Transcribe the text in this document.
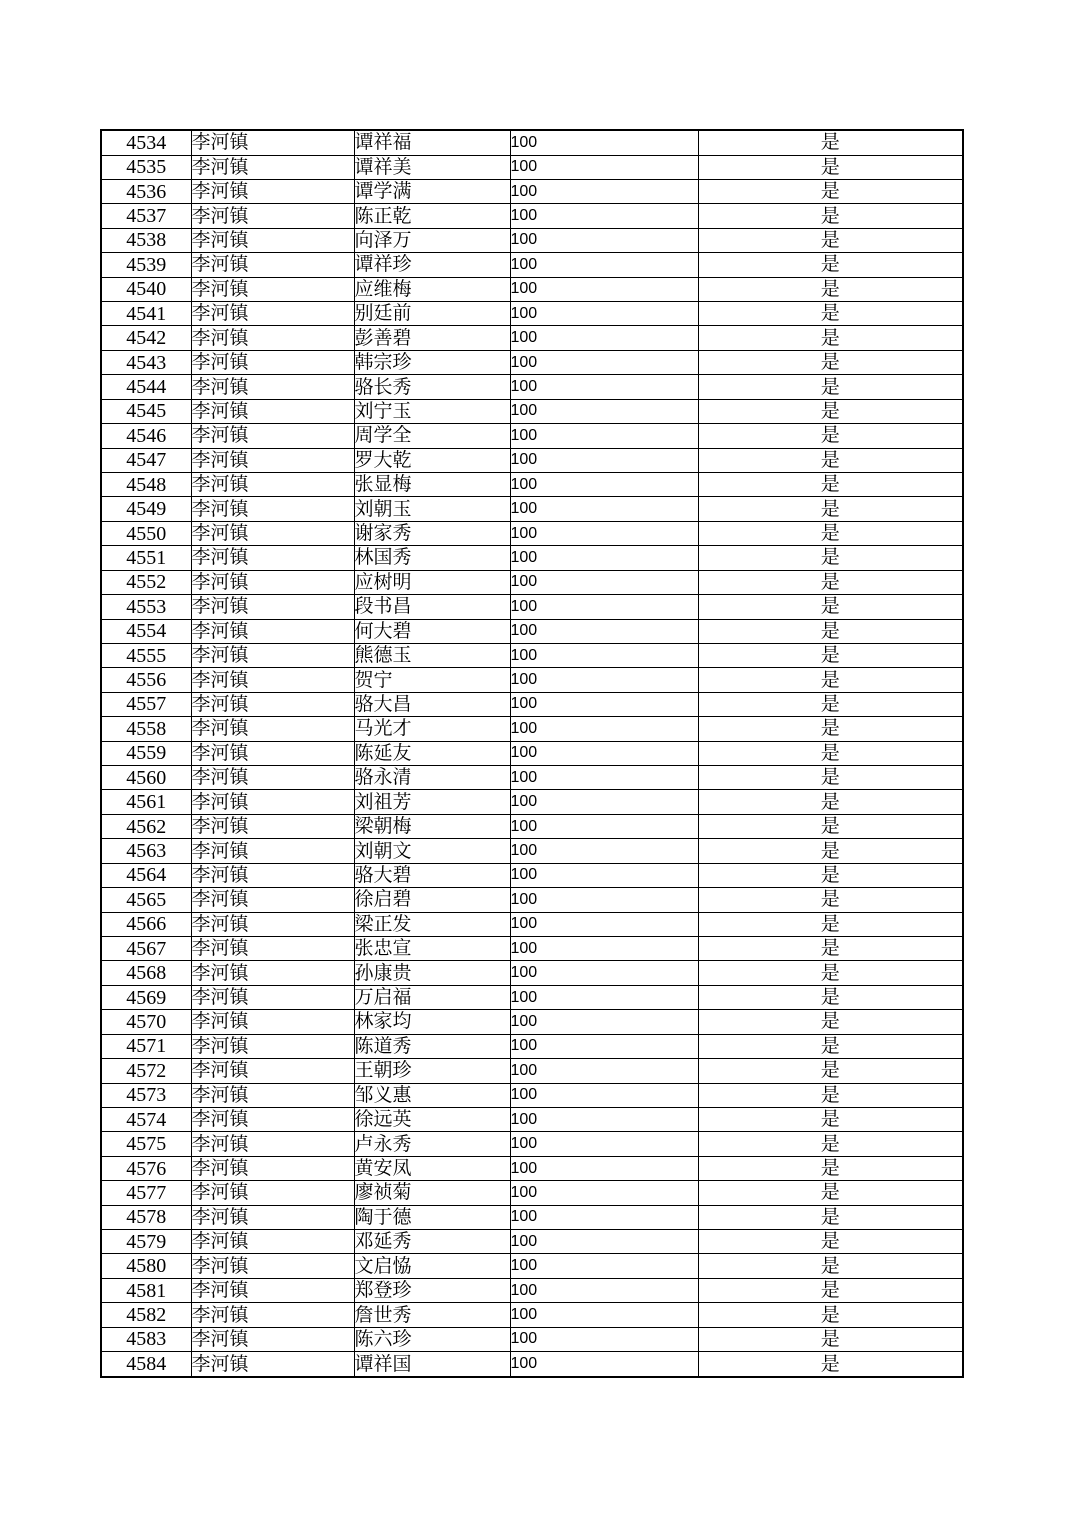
4534	李河镇	谭祥福	100	是
4535	李河镇	谭祥美	100	是
4536	李河镇	谭学满	100	是
4537	李河镇	陈正乾	100	是
4538	李河镇	向泽万	100	是
4539	李河镇	谭祥珍	100	是
4540	李河镇	应维梅	100	是
4541	李河镇	别廷前	100	是
4542	李河镇	彭善碧	100	是
4543	李河镇	韩宗珍	100	是
4544	李河镇	骆长秀	100	是
4545	李河镇	刘宁玉	100	是
4546	李河镇	周学全	100	是
4547	李河镇	罗大乾	100	是
4548	李河镇	张显梅	100	是
4549	李河镇	刘朝玉	100	是
4550	李河镇	谢家秀	100	是
4551	李河镇	林国秀	100	是
4552	李河镇	应树明	100	是
4553	李河镇	段书昌	100	是
4554	李河镇	何大碧	100	是
4555	李河镇	熊德玉	100	是
4556	李河镇	贺宁	100	是
4557	李河镇	骆大昌	100	是
4558	李河镇	马光才	100	是
4559	李河镇	陈延友	100	是
4560	李河镇	骆永清	100	是
4561	李河镇	刘祖芳	100	是
4562	李河镇	梁朝梅	100	是
4563	李河镇	刘朝文	100	是
4564	李河镇	骆大碧	100	是
4565	李河镇	徐启碧	100	是
4566	李河镇	梁正发	100	是
4567	李河镇	张忠宣	100	是
4568	李河镇	孙康贵	100	是
4569	李河镇	万启福	100	是
4570	李河镇	林家均	100	是
4571	李河镇	陈道秀	100	是
4572	李河镇	王朝珍	100	是
4573	李河镇	邹义惠	100	是
4574	李河镇	徐远英	100	是
4575	李河镇	卢永秀	100	是
4576	李河镇	黄安凤	100	是
4577	李河镇	廖祯菊	100	是
4578	李河镇	陶于德	100	是
4579	李河镇	邓延秀	100	是
4580	李河镇	文启恊	100	是
4581	李河镇	郑登珍	100	是
4582	李河镇	詹世秀	100	是
4583	李河镇	陈六珍	100	是
4584	李河镇	谭祥国	100	是
